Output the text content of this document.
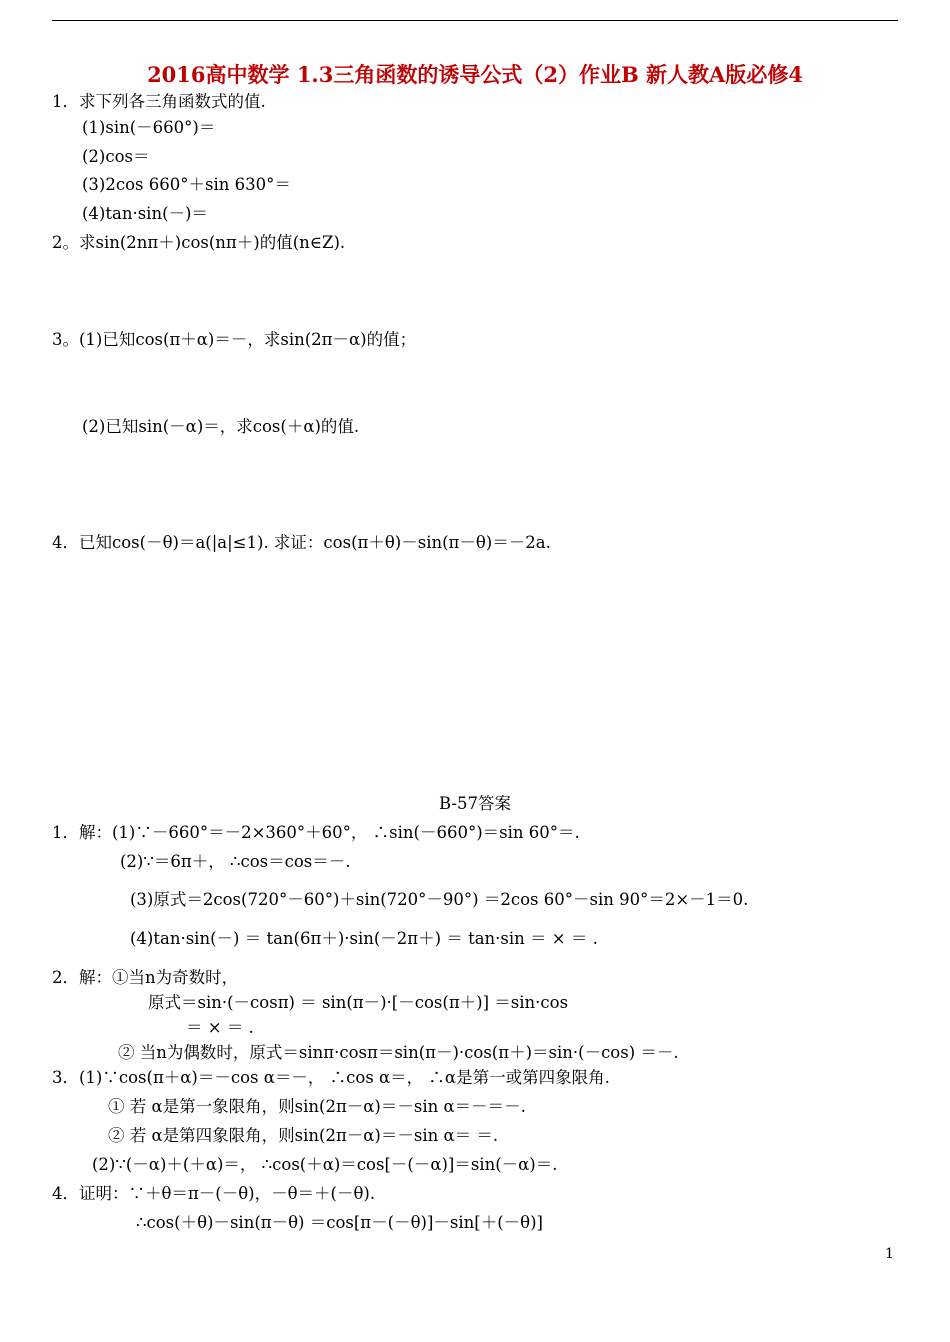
2016高中数学 1.3三角函数的诱导公式（2）作业B 新人教A版必修4
1．求下列各三角函数式的值.
(1)sin(－660°)＝
(2)cos＝
(3)2cos 660°＋sin 630°＝
(4)tan·sin(－)＝
2。求sin(2nπ＋)cos(nπ＋)的值(n∈Z).
3。(1)已知cos(π＋α)＝－，求sin(2π－α)的值；
(2)已知sin(－α)＝，求cos(＋α)的值.
4．已知cos(－θ)＝a(|a|≤1). 求证：cos(π＋θ)－sin(π－θ)＝－2a.
B-57答案
1．解：(1)∵－660°＝－2×360°＋60°， ∴sin(－660°)＝sin 60°＝.
(2)∵＝6π＋， ∴cos＝cos＝－.
(3)原式＝2cos(720°－60°)＋sin(720°－90°) ＝2cos 60°－sin 90°＝2×－1＝0.
(4)tan·sin(－) ＝ tan(6π＋)·sin(－2π＋) ＝ tan·sin ＝ × ＝ .
2．解：①当n为奇数时，
原式＝sin·(－cosπ) ＝ sin(π－)·[－cos(π＋)] ＝sin·cos
＝ × ＝ .
② 当n为偶数时，原式＝sinπ·cosπ＝sin(π－)·cos(π＋)＝sin·(－cos) ＝－.
3．(1)∵cos(π＋α)＝－cos α＝－， ∴cos α＝， ∴α是第一或第四象限角.
① 若 α是第一象限角，则sin(2π－α)＝－sin α＝－＝－.
② 若 α是第四象限角，则sin(2π－α)＝－sin α＝ ＝.
(2)∵(－α)＋(＋α)＝， ∴cos(＋α)＝cos[－(－α)]＝sin(－α)＝.
4．证明：∵＋θ＝π－(－θ)，－θ＝＋(－θ).
∴cos(＋θ)－sin(π－θ) ＝cos[π－(－θ)]－sin[＋(－θ)]
1
